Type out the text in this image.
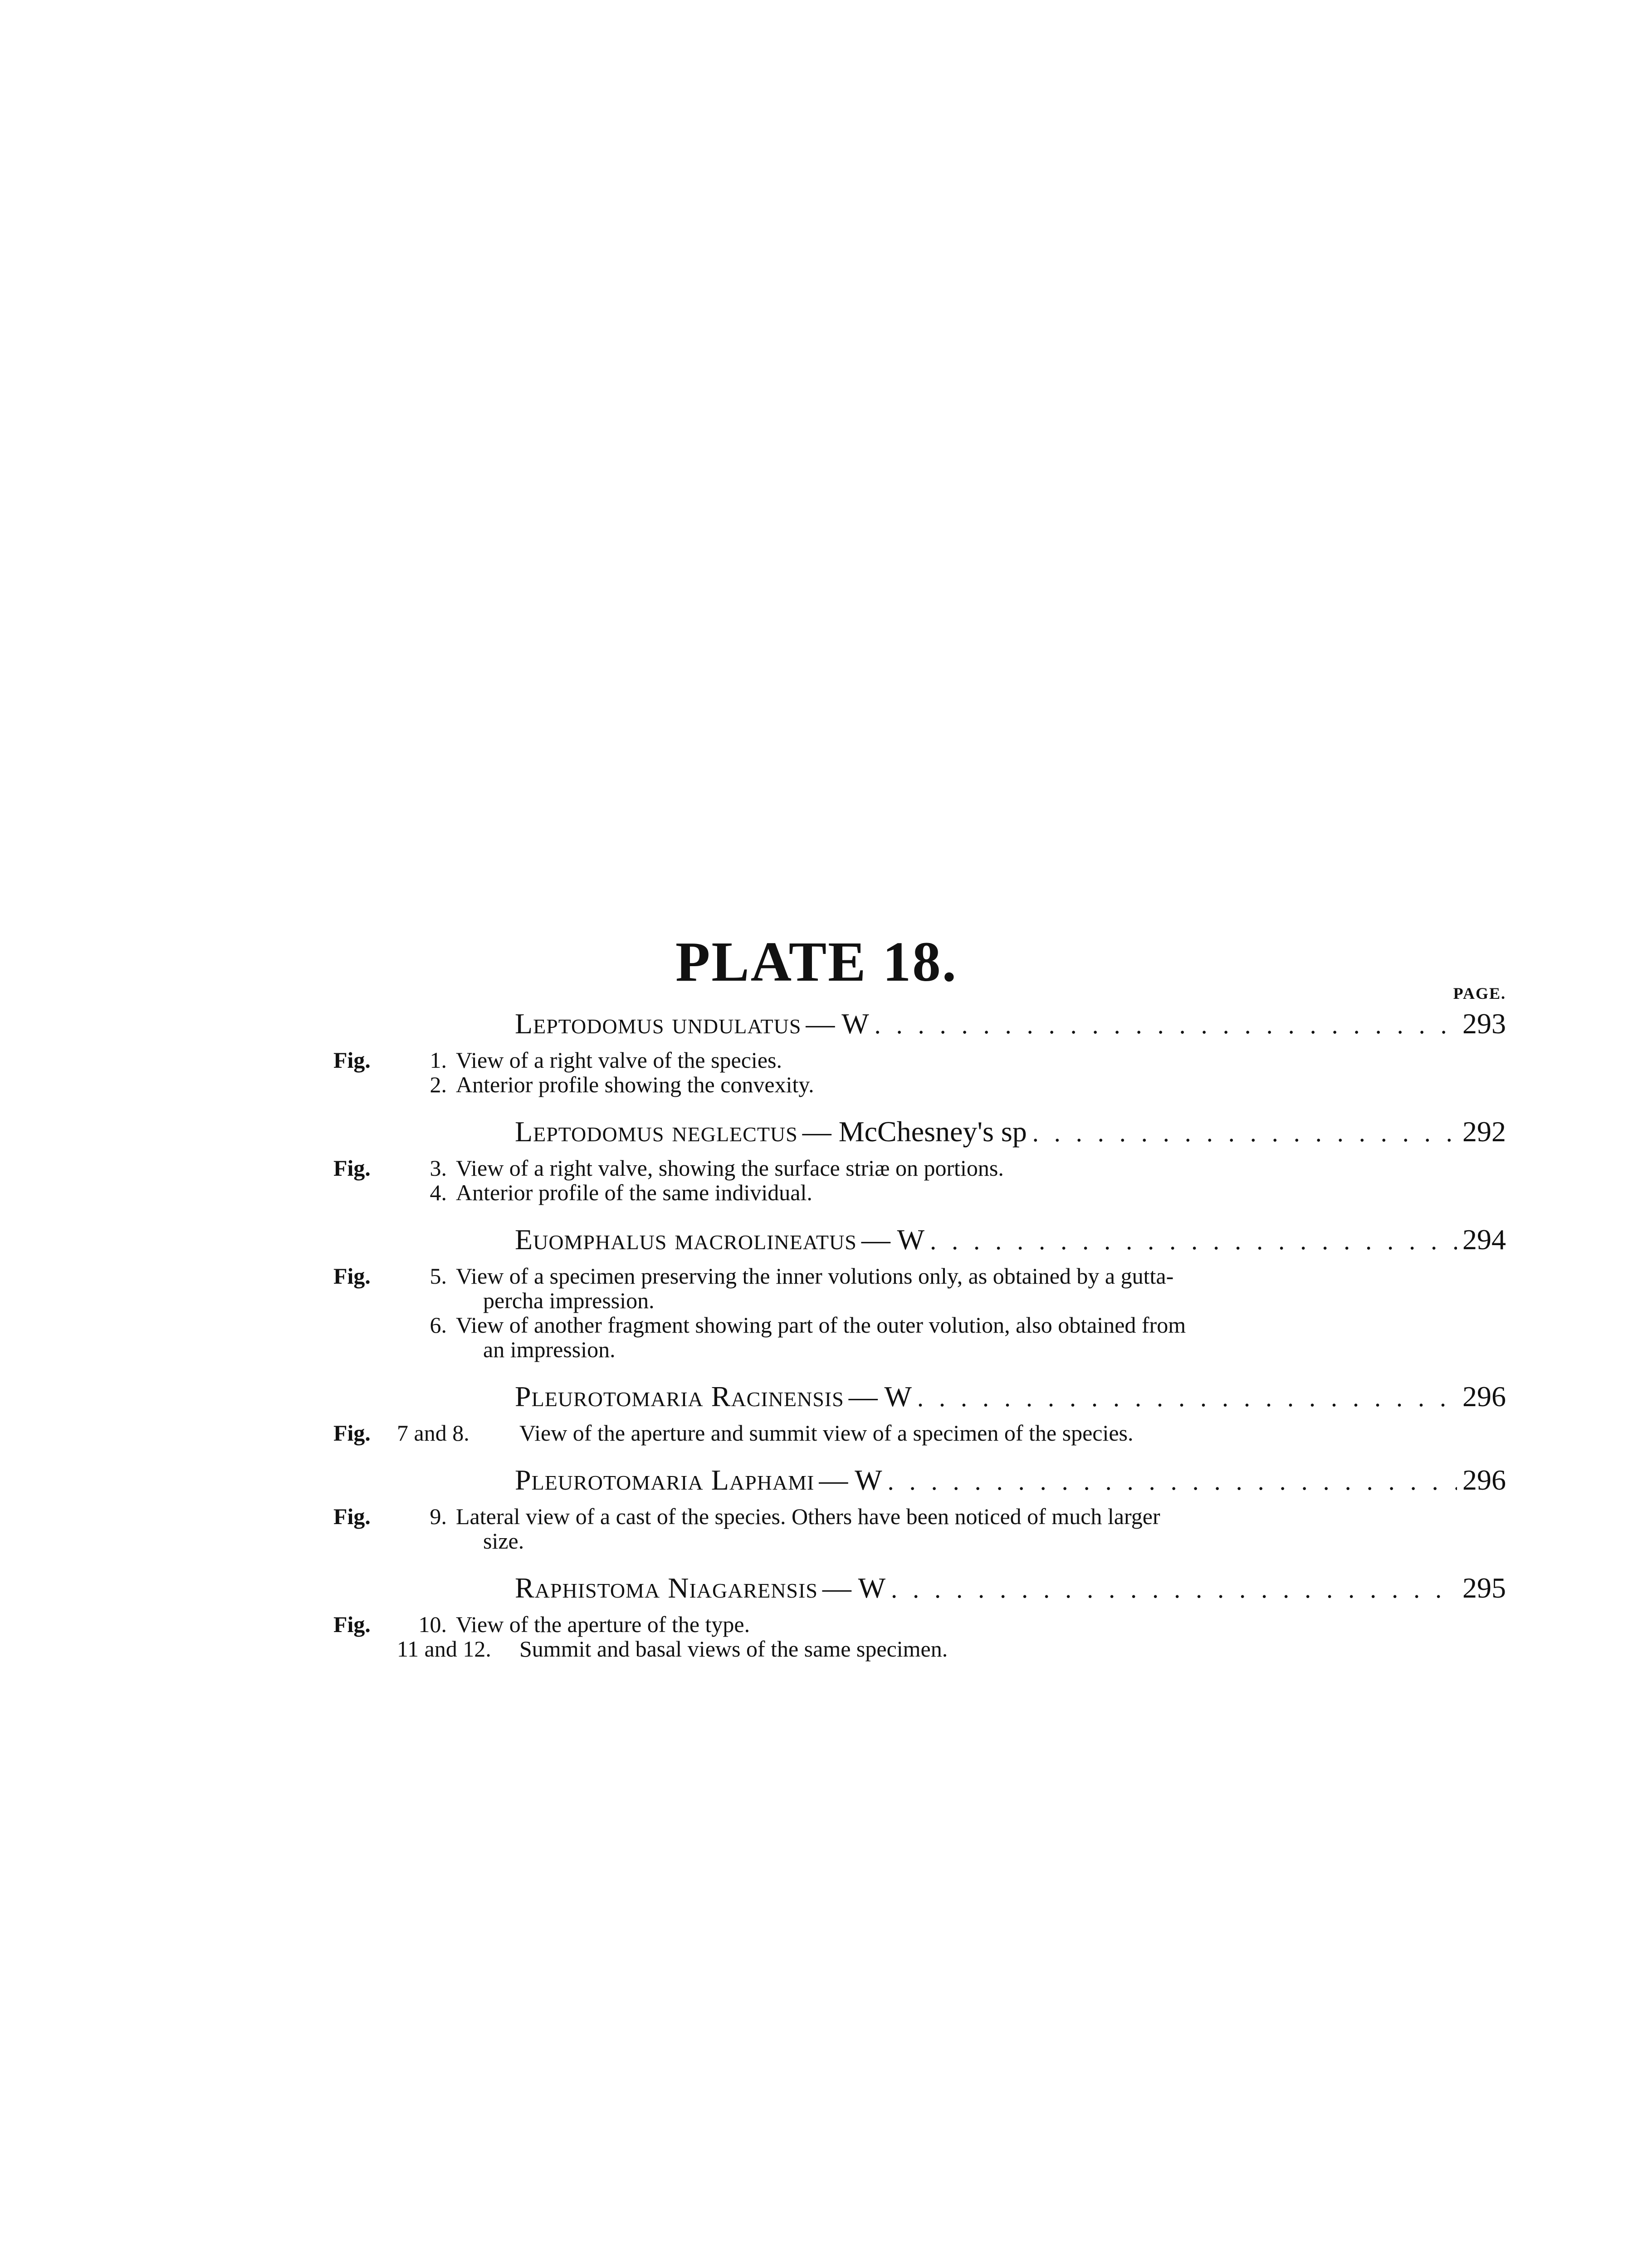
PLATE 18.	PAGE.
LEPTODOMUS UNDULATUS — W . . .	293
Fig.	1. View of a right valve of the species.
2. Anterior profile showing the convexity.
LEPTODOMUS NEGLECTUS — McChesney's sp . . .	292
Fig.	3. View of a right valve, showing the surface striæ on portions.
4. Anterior profile of the same individual.
EUOMPHALUS MACROLINEATUS — W . . .	294
Fig.	5. View of a specimen preserving the inner volutions only, as obtained by a gutta-
percha impression.
6. View of another fragment showing part of the outer volution, also obtained from
an impression.
PLEUROTOMARIA RACINENSIS — W . . .	296
Fig.	7 and 8.	View of the aperture and summit view of a specimen of the species.
PLEUROTOMARIA LAPHAMI — W . . .	296
Fig.	9. Lateral view of a cast of the species. Others have been noticed of much larger
size.
RAPHISTOMA NIAGARENSIS — W . . .	295
Fig.	10. View of the aperture of the type.
11 and 12.	Summit and basal views of the same specimen.
